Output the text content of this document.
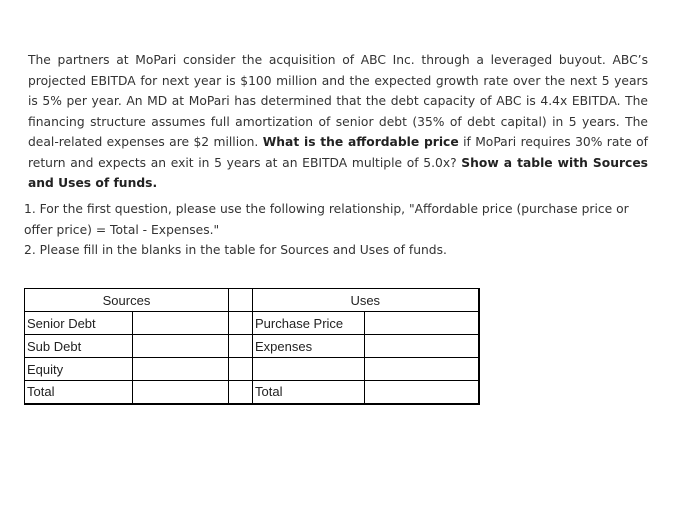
The partners at MoPari consider the acquisition of ABC Inc. through a leveraged buyout. ABC’s projected EBITDA for next year is $100 million and the expected growth rate over the next 5 years is 5% per year. An MD at MoPari has determined that the debt capacity of ABC is 4.4x EBITDA. The financing structure assumes full amortization of senior debt (35% of debt capital) in 5 years. The deal-related expenses are $2 million. What is the affordable price if MoPari requires 30% rate of return and expects an exit in 5 years at an EBITDA multiple of 5.0x? Show a table with Sources and Uses of funds.

1. For the first question, please use the following relationship, "Affordable price (purchase price or offer price) = Total - Expenses."

2. Please fill in the blanks in the table for Sources and Uses of funds.

Sources			Uses	
Senior Debt			Purchase Price	
Sub Debt			Expenses	
Equity				
Total			Total	
